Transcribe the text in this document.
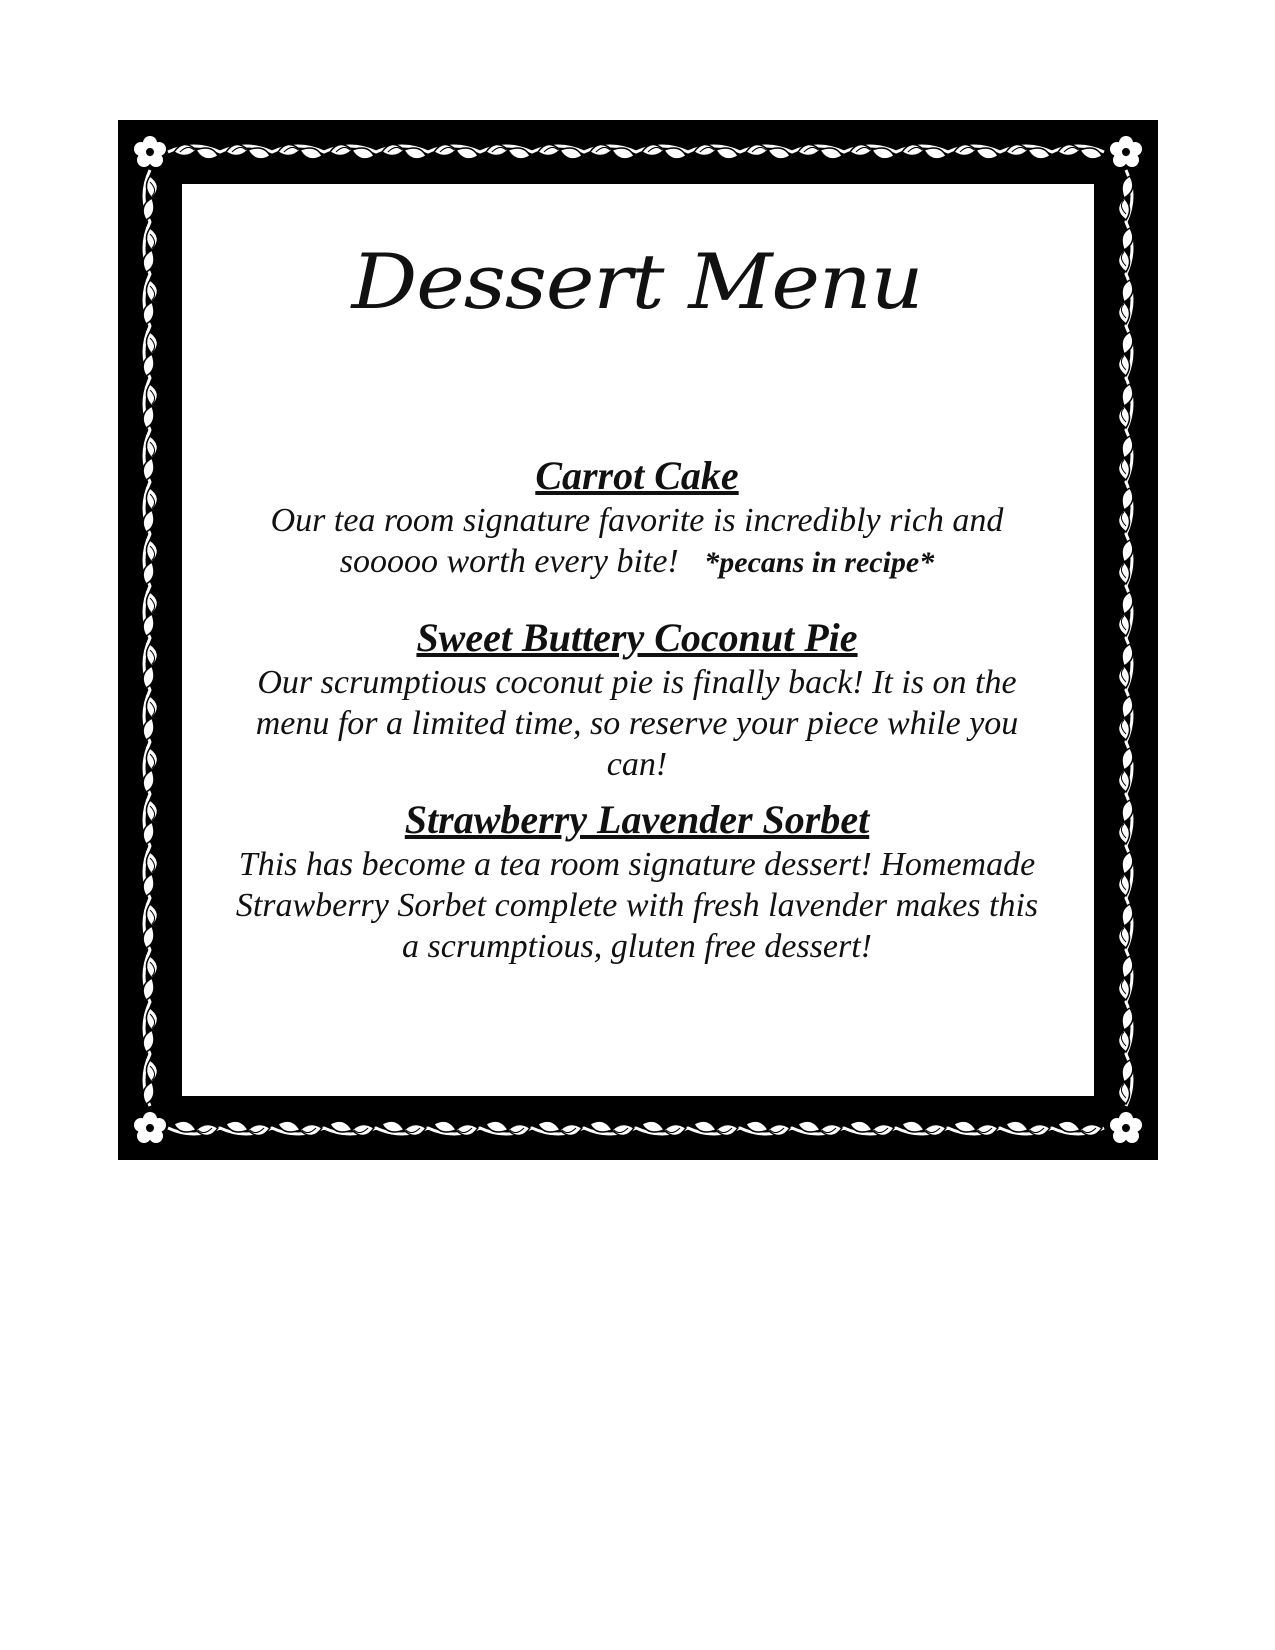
Dessert Menu
Carrot Cake

Our tea room signature favorite is incredibly rich and
sooooo worth every bite! *pecans in recipe*

Sweet Buttery Coconut Pie

Our scrumptious coconut pie is finally back! It is on the
menu for a limited time, so reserve your piece while you
can!

Strawberry Lavender Sorbet

This has become a tea room signature dessert! Homemade
Strawberry Sorbet complete with fresh lavender makes this
a scrumptious, gluten free dessert!
